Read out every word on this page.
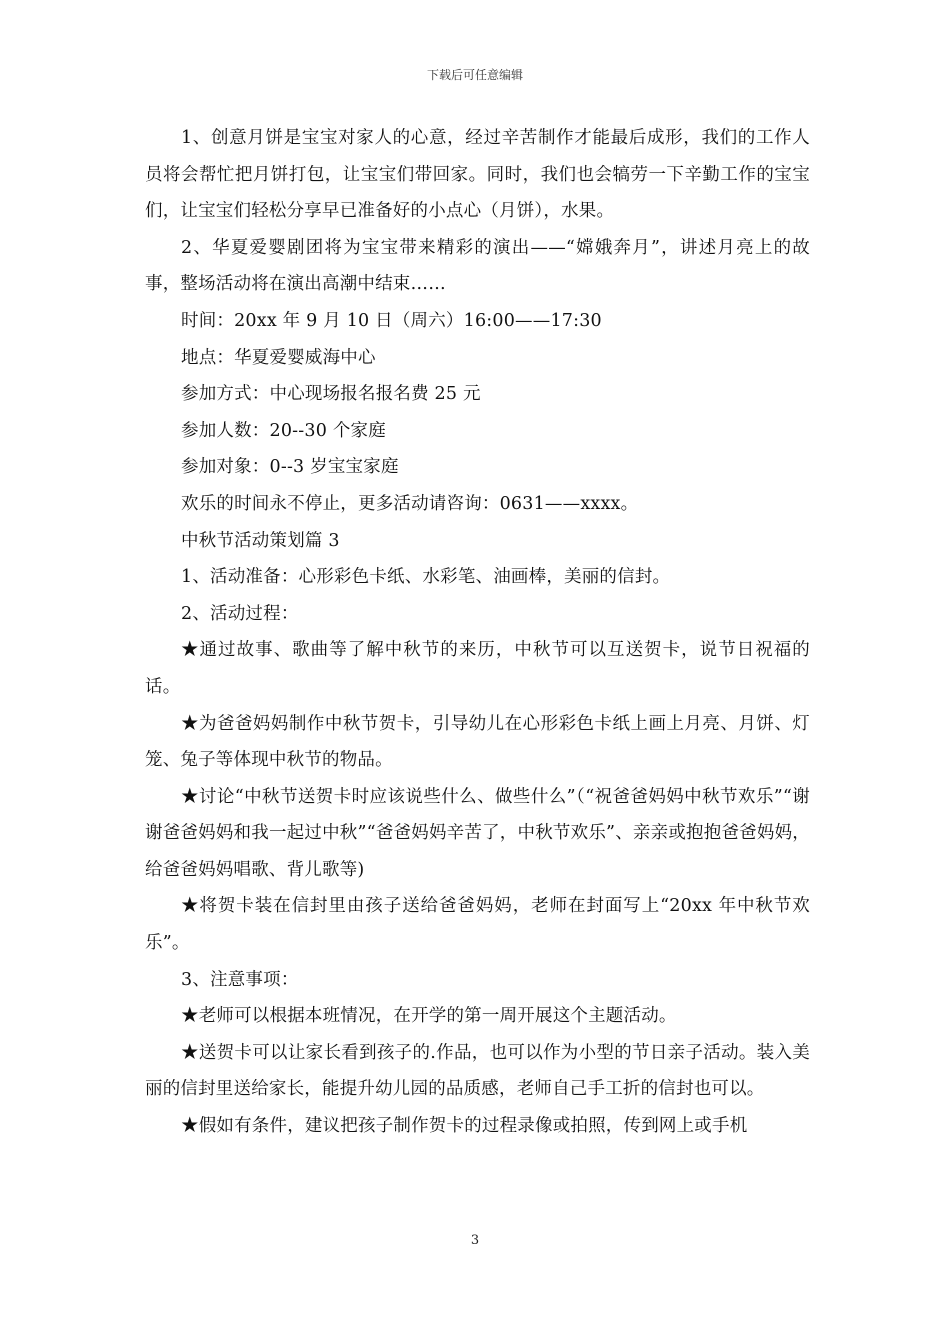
下载后可任意编辑

1、创意月饼是宝宝对家人的心意，经过辛苦制作才能最后成形，我们的工作人员将会帮忙把月饼打包，让宝宝们带回家。同时，我们也会犒劳一下辛勤工作的宝宝们，让宝宝们轻松分享早已准备好的小点心（月饼），水果。

2、华夏爱婴剧团将为宝宝带来精彩的演出——“嫦娥奔月”，讲述月亮上的故事，整场活动将在演出高潮中结束……

时间：20xx 年 9 月 10 日（周六）16:00——17:30

地点：华夏爱婴威海中心

参加方式：中心现场报名报名费 25 元

参加人数：20--30 个家庭

参加对象：0--3 岁宝宝家庭

欢乐的时间永不停止，更多活动请咨询：0631——xxxx。

中秋节活动策划篇 3

1、活动准备：心形彩色卡纸、水彩笔、油画棒，美丽的信封。

2、活动过程：

★通过故事、歌曲等了解中秋节的来历，中秋节可以互送贺卡，说节日祝福的话。

★为爸爸妈妈制作中秋节贺卡，引导幼儿在心形彩色卡纸上画上月亮、月饼、灯笼、兔子等体现中秋节的物品。

★讨论“中秋节送贺卡时应该说些什么、做些什么”（“祝爸爸妈妈中秋节欢乐”“谢谢爸爸妈妈和我一起过中秋”“爸爸妈妈辛苦了，中秋节欢乐”、亲亲或抱抱爸爸妈妈，给爸爸妈妈唱歌、背儿歌等)

★将贺卡装在信封里由孩子送给爸爸妈妈，老师在封面写上“20xx 年中秋节欢乐”。

3、注意事项：

★老师可以根据本班情况，在开学的第一周开展这个主题活动。

★送贺卡可以让家长看到孩子的.作品，也可以作为小型的节日亲子活动。装入美丽的信封里送给家长，能提升幼儿园的品质感，老师自己手工折的信封也可以。

★假如有条件，建议把孩子制作贺卡的过程录像或拍照，传到网上或手机

3
